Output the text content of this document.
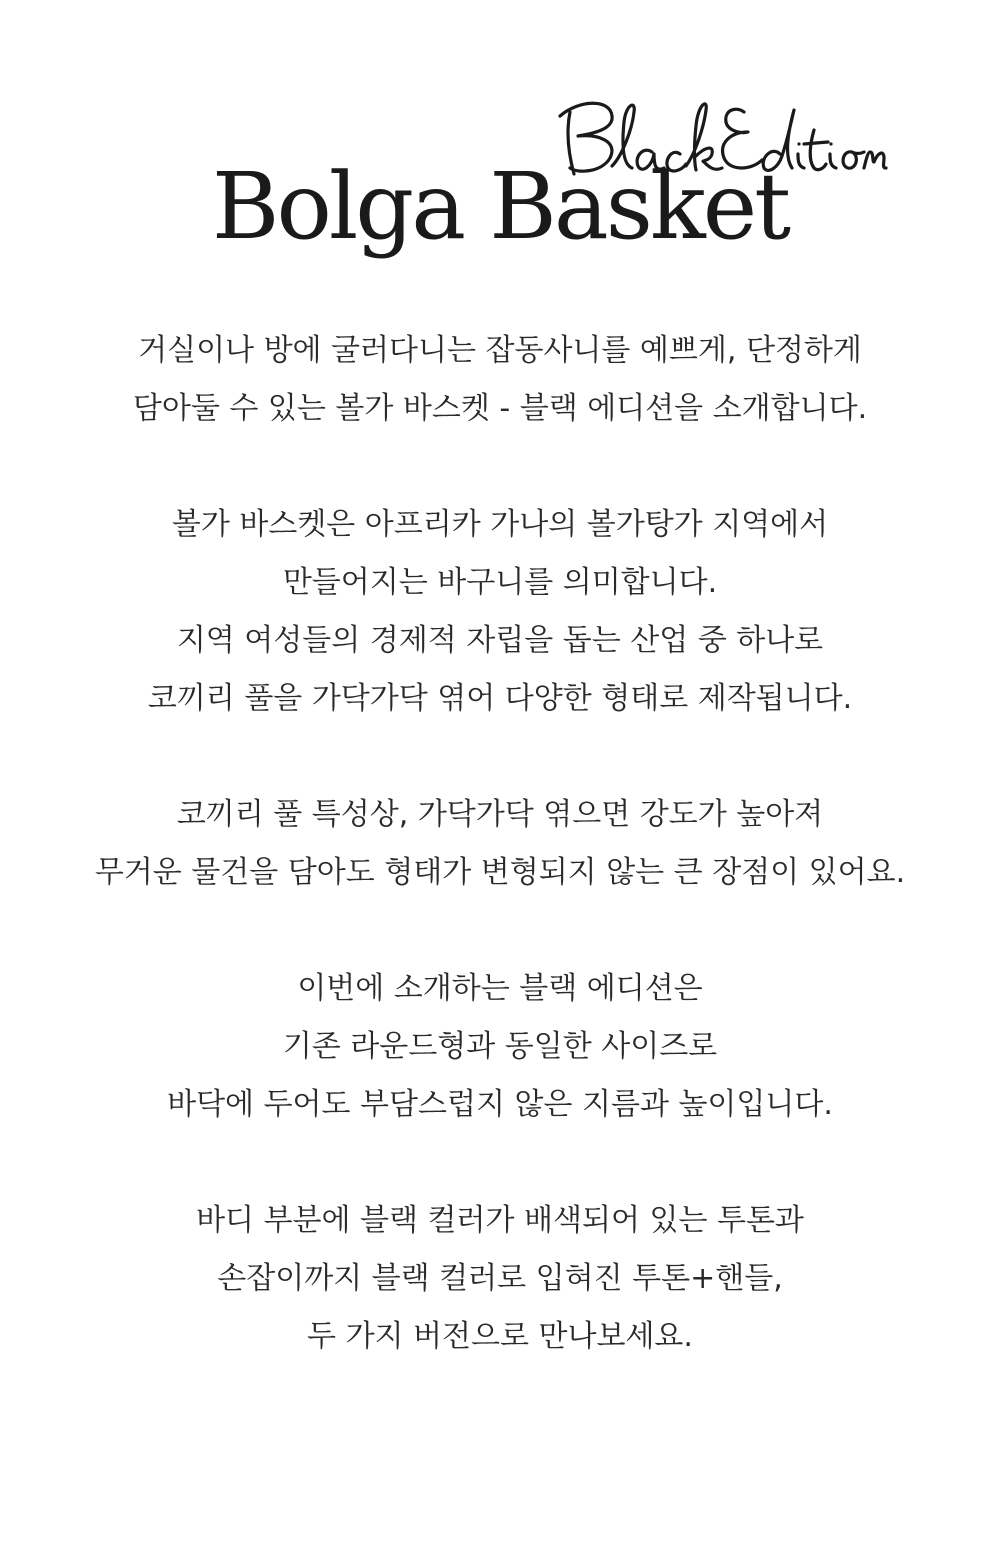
Bolga Basket
거실이나 방에 굴러다니는 잡동사니를 예쁘게, 단정하게
담아둘 수 있는 볼가 바스켓 - 블랙 에디션을 소개합니다.
볼가 바스켓은 아프리카 가나의 볼가탕가 지역에서
만들어지는 바구니를 의미합니다.
지역 여성들의 경제적 자립을 돕는 산업 중 하나로
코끼리 풀을 가닥가닥 엮어 다양한 형태로 제작됩니다.
코끼리 풀 특성상, 가닥가닥 엮으면 강도가 높아져
무거운 물건을 담아도 형태가 변형되지 않는 큰 장점이 있어요.
이번에 소개하는 블랙 에디션은
기존 라운드형과 동일한 사이즈로
바닥에 두어도 부담스럽지 않은 지름과 높이입니다.
바디 부분에 블랙 컬러가 배색되어 있는 투톤과
손잡이까지 블랙 컬러로 입혀진 투톤+핸들,
두 가지 버전으로 만나보세요.
